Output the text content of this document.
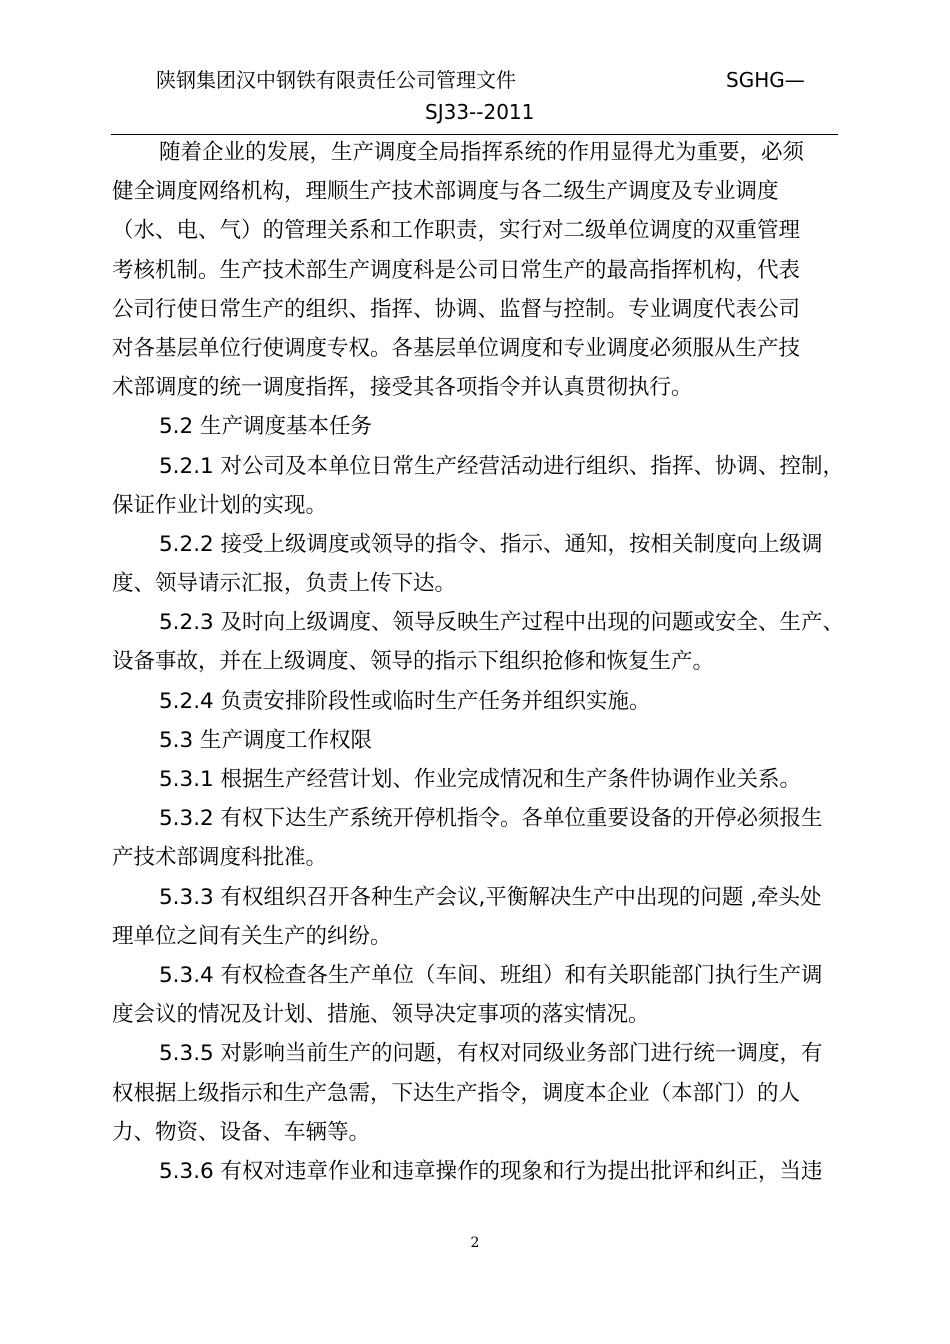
陕钢集团汉中钢铁有限责任公司管理文件	SGHG—
SJ33--2011
随着企业的发展，生产调度全局指挥系统的作用显得尤为重要，必须
健全调度网络机构，理顺生产技术部调度与各二级生产调度及专业调度
（水、电、气）的管理关系和工作职责，实行对二级单位调度的双重管理
考核机制。生产技术部生产调度科是公司日常生产的最高指挥机构，代表
公司行使日常生产的组织、指挥、协调、监督与控制。专业调度代表公司
对各基层单位行使调度专权。各基层单位调度和专业调度必须服从生产技
术部调度的统一调度指挥，接受其各项指令并认真贯彻执行。
5.2 生产调度基本任务
5.2.1 对公司及本单位日常生产经营活动进行组织、指挥、协调、控制，
保证作业计划的实现。
5.2.2 接受上级调度或领导的指令、指示、通知，按相关制度向上级调
度、领导请示汇报，负责上传下达。
5.2.3 及时向上级调度、领导反映生产过程中出现的问题或安全、生产、
设备事故，并在上级调度、领导的指示下组织抢修和恢复生产。
5.2.4 负责安排阶段性或临时生产任务并组织实施。
5.3 生产调度工作权限
5.3.1 根据生产经营计划、作业完成情况和生产条件协调作业关系。
5.3.2 有权下达生产系统开停机指令。各单位重要设备的开停必须报生
产技术部调度科批准。
5.3.3 有权组织召开各种生产会议,平衡解决生产中出现的问题 ,牵头处
理单位之间有关生产的纠纷。
5.3.4 有权检查各生产单位（车间、班组）和有关职能部门执行生产调
度会议的情况及计划、措施、领导决定事项的落实情况。
5.3.5 对影响当前生产的问题，有权对同级业务部门进行统一调度，有
权根据上级指示和生产急需，下达生产指令，调度本企业（本部门）的人
力、物资、设备、车辆等。
5.3.6 有权对违章作业和违章操作的现象和行为提出批评和纠正，当违
2
